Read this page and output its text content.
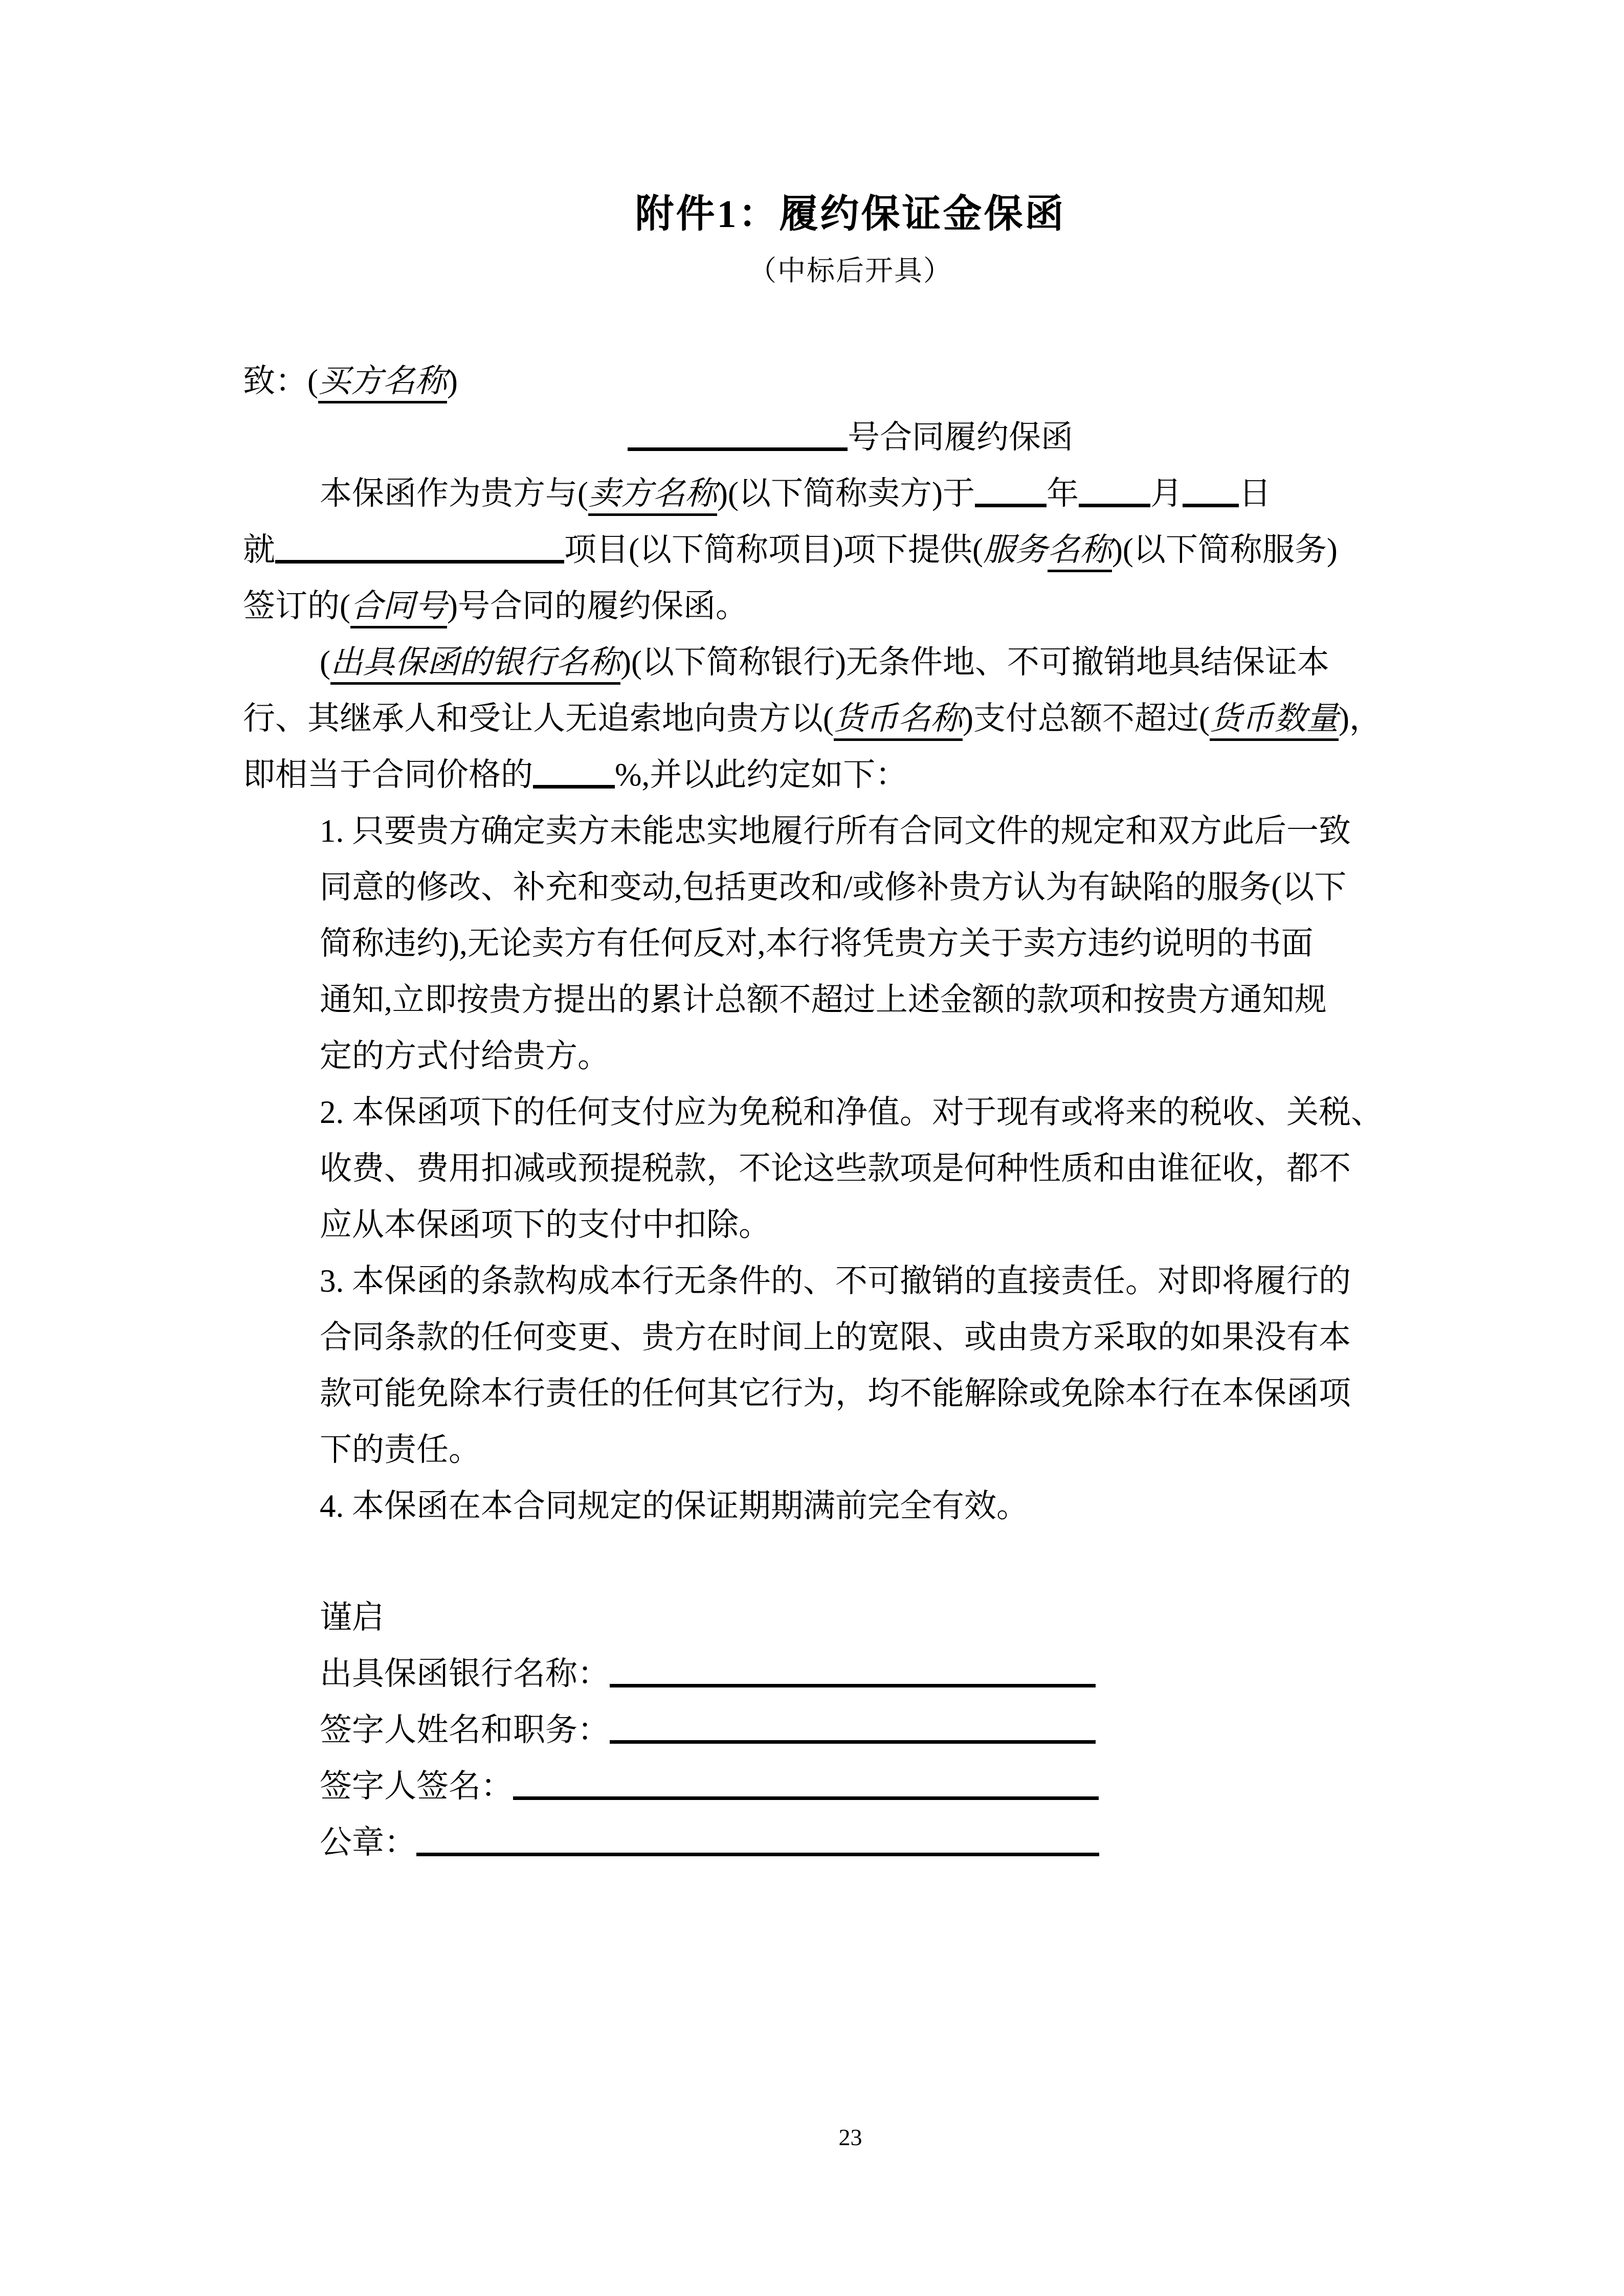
附件1：履约保证金保函
（中标后开具）
致：(买方名称)
号合同履约保函
本保函作为贵方与(卖方名称)(以下简称卖方)于 年 月 日
就	项目(以下简称项目)项下提供(服务名称)(以下简称服务)
签订的(合同号)号合同的履约保函。
(出具保函的银行名称)(以下简称银行)无条件地、不可撤销地具结保证本
行、其继承人和受让人无追索地向贵方以(货币名称)支付总额不超过(货币数量)，
即相当于合同价格的	%,并以此约定如下：
1. 只要贵方确定卖方未能忠实地履行所有合同文件的规定和双方此后一致
同意的修改、补充和变动,包括更改和/或修补贵方认为有缺陷的服务(以下
简称违约),无论卖方有任何反对,本行将凭贵方关于卖方违约说明的书面
通知,立即按贵方提出的累计总额不超过上述金额的款项和按贵方通知规
定的方式付给贵方。
2. 本保函项下的任何支付应为免税和净值。对于现有或将来的税收、关税、
收费、费用扣减或预提税款，不论这些款项是何种性质和由谁征收，都不
应从本保函项下的支付中扣除。
3. 本保函的条款构成本行无条件的、不可撤销的直接责任。对即将履行的
合同条款的任何变更、贵方在时间上的宽限、或由贵方采取的如果没有本
款可能免除本行责任的任何其它行为，均不能解除或免除本行在本保函项
下的责任。
4. 本保函在本合同规定的保证期期满前完全有效。
谨启
出具保函银行名称：
签字人姓名和职务：
签字人签名：
公章：
23
